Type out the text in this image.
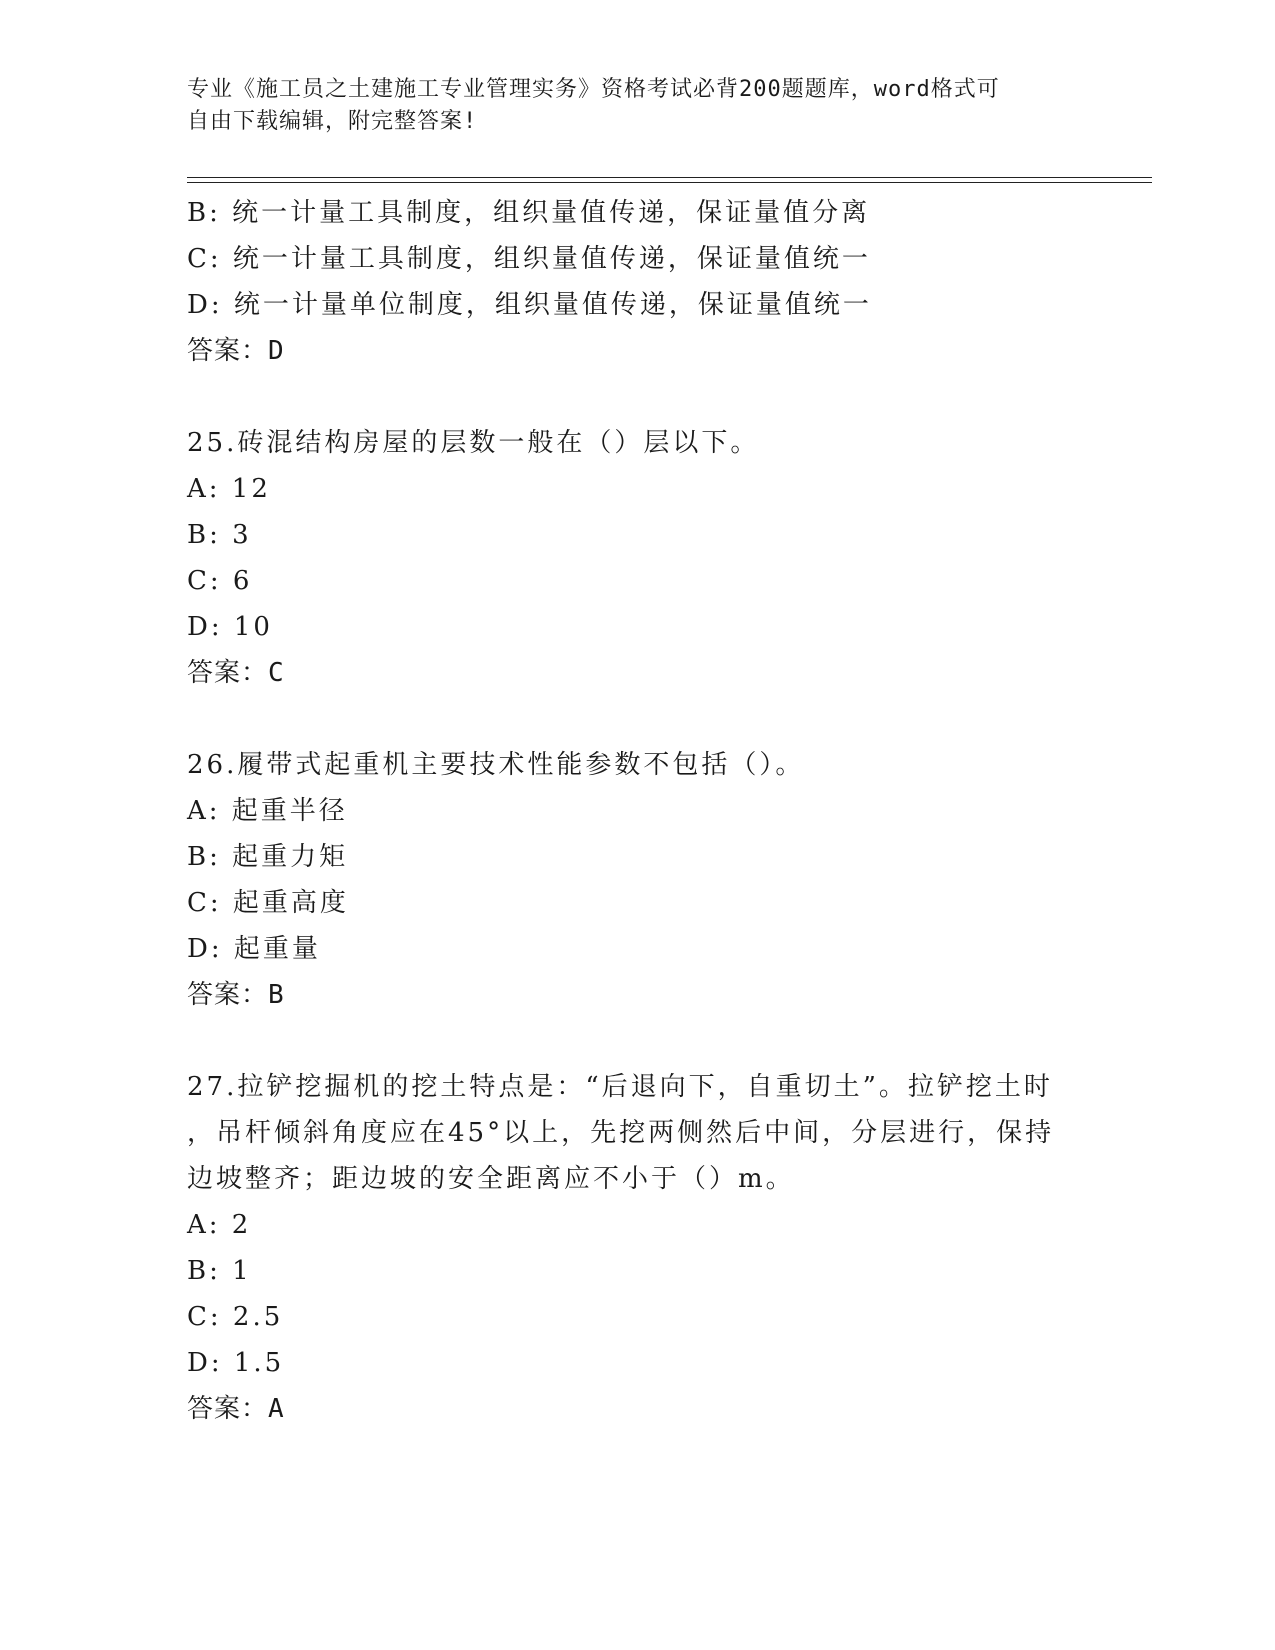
专业《施工员之土建施工专业管理实务》资格考试必背200题题库，word格式可
自由下载编辑，附完整答案!
B: 统一计量工具制度，组织量值传递，保证量值分离
C: 统一计量工具制度，组织量值传递，保证量值统一
D: 统一计量单位制度，组织量值传递，保证量值统一
答案：D
25.砖混结构房屋的层数一般在（）层以下。
A: 12
B: 3
C: 6
D: 10
答案：C
26.履带式起重机主要技术性能参数不包括（）。
A: 起重半径
B: 起重力矩
C: 起重高度
D: 起重量
答案：B
27.拉铲挖掘机的挖土特点是：“后退向下，自重切土”。拉铲挖土时
，吊杆倾斜角度应在45°以上，先挖两侧然后中间，分层进行，保持
边坡整齐；距边坡的安全距离应不小于（）m。
A: 2
B: 1
C: 2.5
D: 1.5
答案：A
